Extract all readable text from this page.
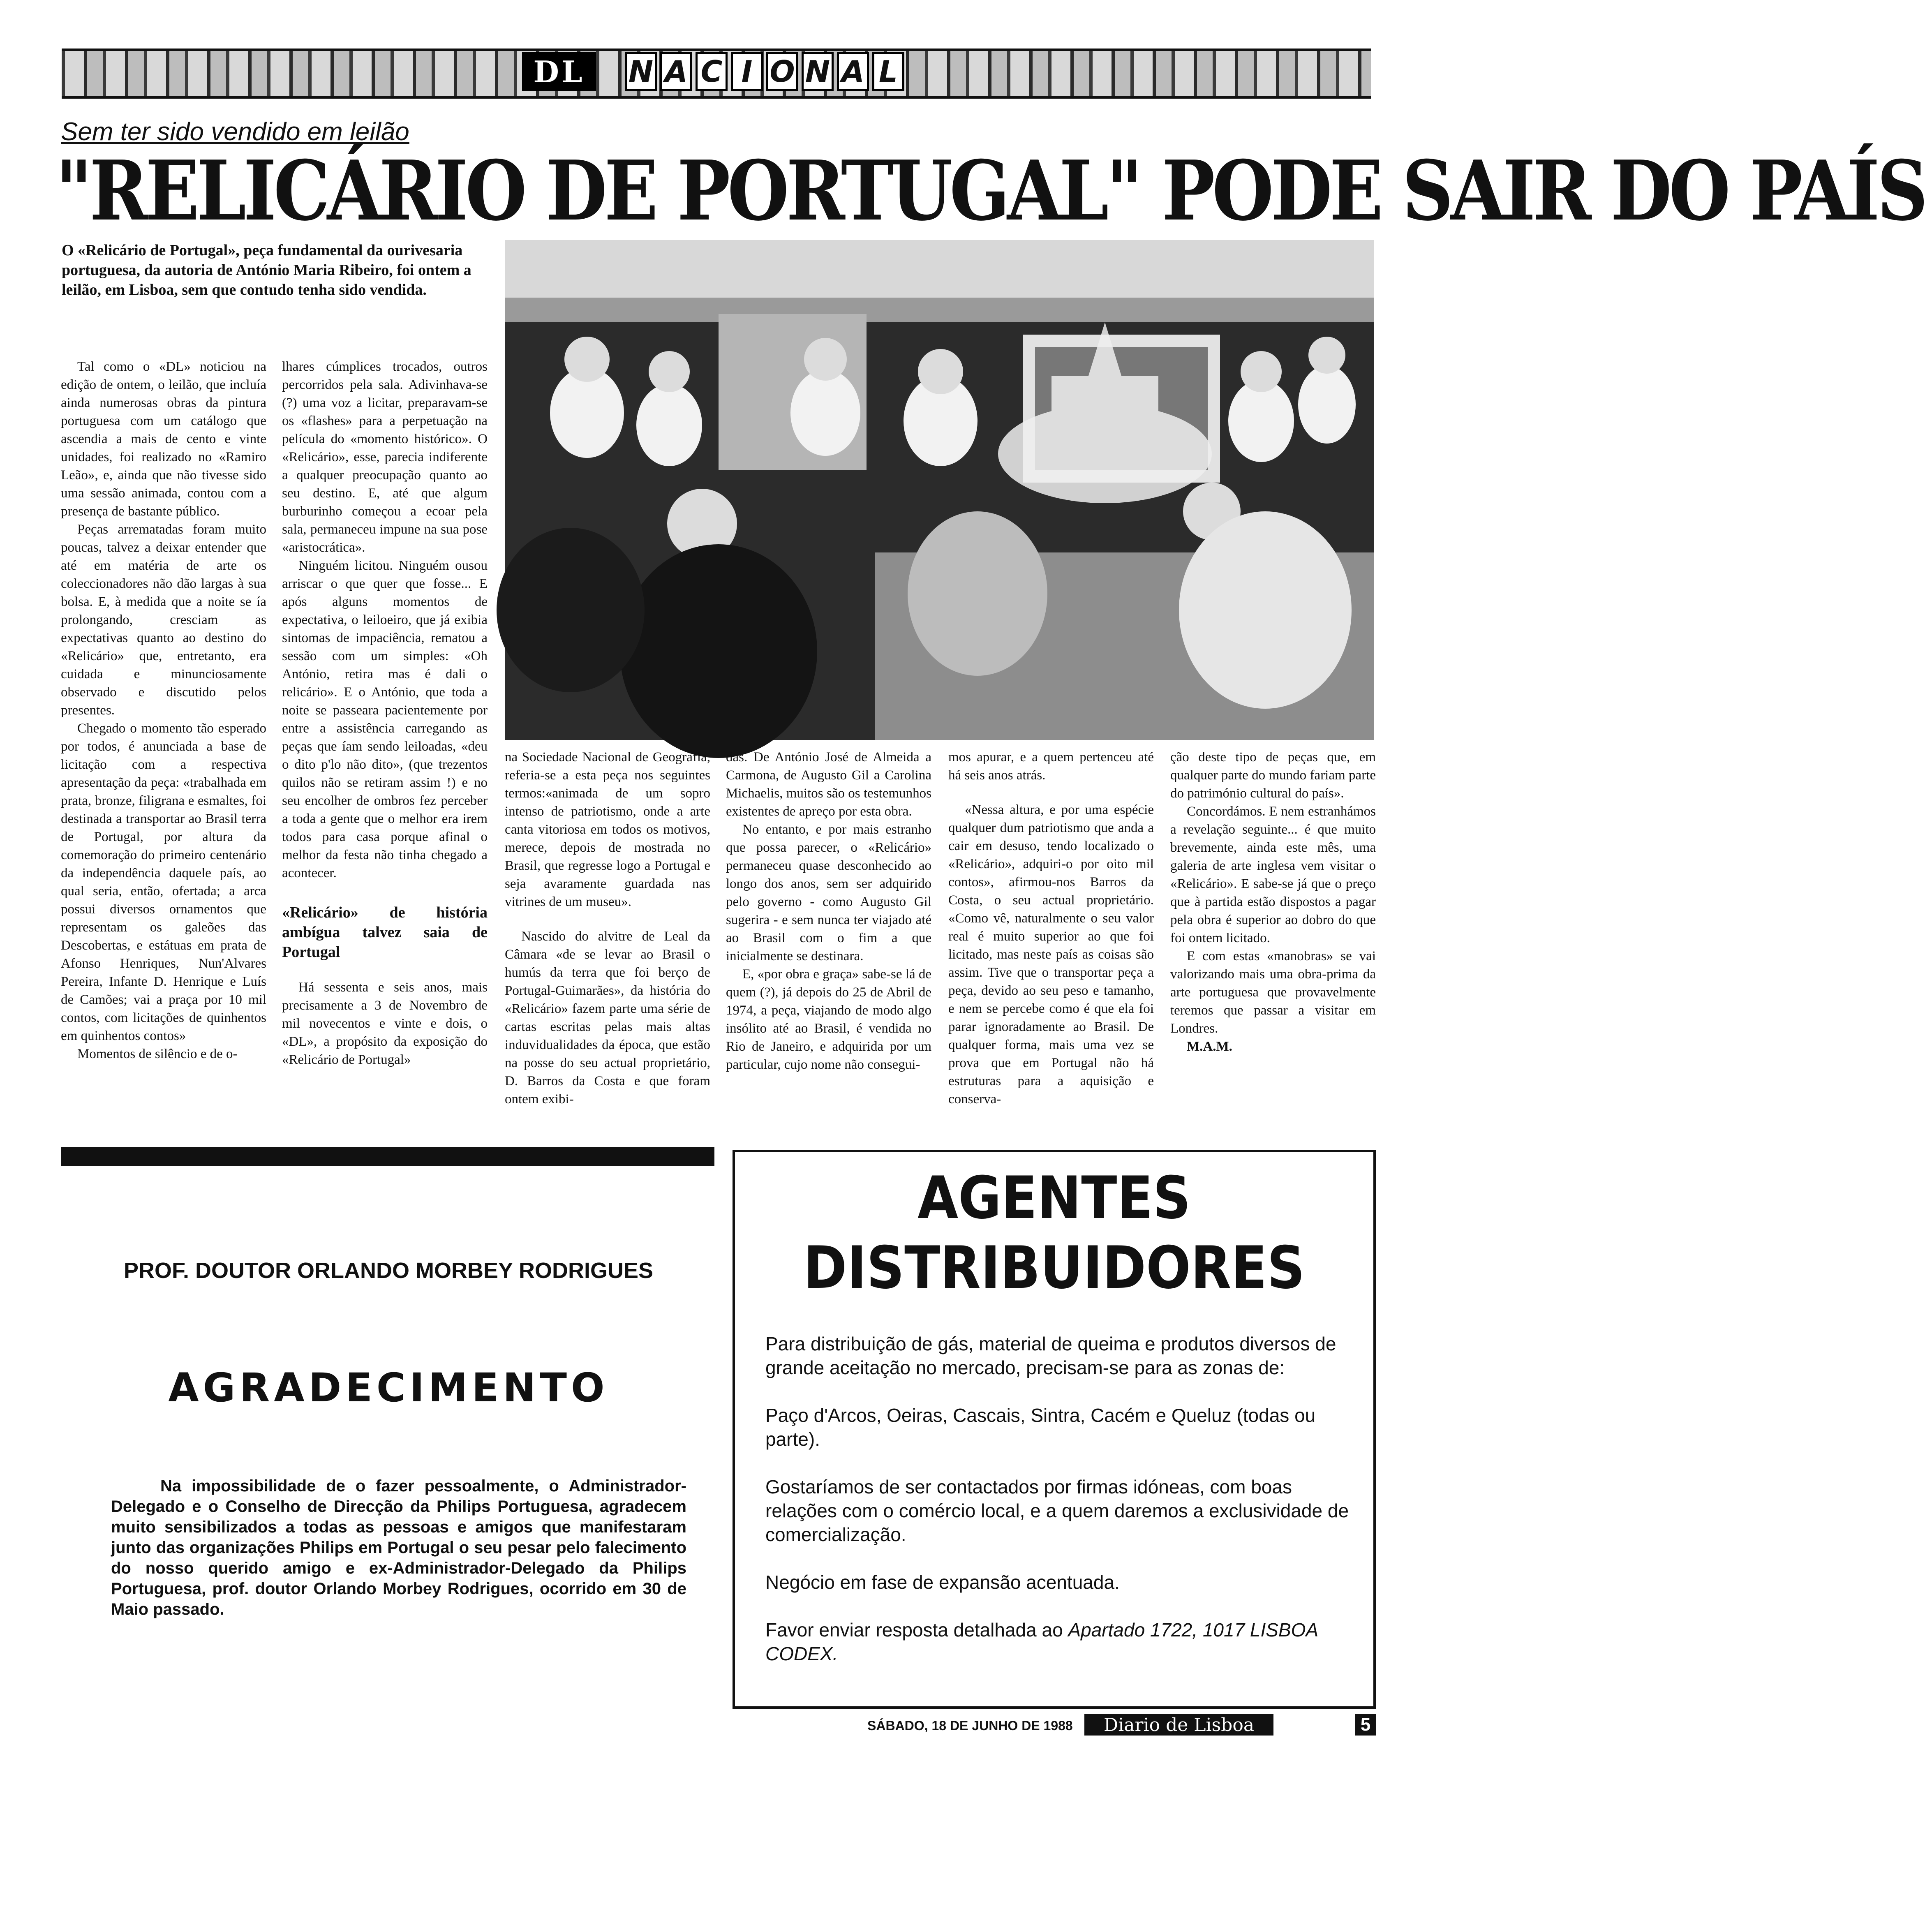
DL	N A C I O N A L
Sem ter sido vendido em leilão
"RELICÁRIO DE PORTUGAL" PODE SAIR DO PAÍS
O «Relicário de Portugal», peça fundamental da ourivesaria portuguesa, da autoria de António Maria Ribeiro, foi ontem a leilão, em Lisboa, sem que contudo tenha sido vendida.

Tal como o «DL» noticiou na edição de ontem, o leilão, que incluía ainda numerosas obras da pintura portuguesa com um catálogo que ascendia a mais de cento e vinte unidades, foi realizado no «Ramiro Leão», e, ainda que não tivesse sido uma sessão animada, contou com a presença de bastante público.

Peças arrematadas foram muito poucas, talvez a deixar entender que até em matéria de arte os coleccionadores não dão largas à sua bolsa. E, à medida que a noite se ía prolongando, cresciam as expectativas quanto ao destino do «Relicário» que, entretanto, era cuidada e minunciosamente observado e discutido pelos presentes.

Chegado o momento tão esperado por todos, é anunciada a base de licitação com a respectiva apresentação da peça: «trabalhada em prata, bronze, filigrana e esmaltes, foi destinada a transportar ao Brasil terra de Portugal, por altura da comemoração do primeiro centenário da independência daquele país, ao qual seria, então, ofertada; a arca possui diversos ornamentos que representam os galeões das Descobertas, e estátuas em prata de Afonso Henriques, Nun'Alvares Pereira, Infante D. Henrique e Luís de Camões; vai a praça por 10 mil contos, com licitações de quinhentos em quinhentos contos»

Momentos de silêncio e de o-

lhares cúmplices trocados, outros percorridos pela sala. Adivinhava-se (?) uma voz a licitar, preparavam-se os «flashes» para a perpetuação na película do «momento histórico». O «Relicário», esse, parecia indiferente a qualquer preocupação quanto ao seu destino. E, até que algum burburinho começou a ecoar pela sala, permaneceu impune na sua pose «aristocrática».

Ninguém licitou. Ninguém ousou arriscar o que quer que fosse... E após alguns momentos de expectativa, o leiloeiro, que já exibia sintomas de impaciência, rematou a sessão com um simples: «Oh António, retira mas é dali o relicário». E o António, que toda a noite se passeara pacientemente por entre a assistência carregando as peças que íam sendo leiloadas, «deu o dito p'lo não dito», (que trezentos quilos não se retiram assim !) e no seu encolher de ombros fez perceber a toda a gente que o melhor era irem todos para casa porque afinal o melhor da festa não tinha chegado a acontecer.

«Relicário» de história ambígua talvez saia de Portugal

Há sessenta e seis anos, mais precisamente a 3 de Novembro de mil novecentos e vinte e dois, o «DL», a propósito da exposição do «Relicário de Portugal»

na Sociedade Nacional de Geografia, referia-se a esta peça nos seguintes termos:«animada de um sopro intenso de patriotismo, onde a arte canta vitoriosa em todos os motivos, merece, depois de mostrada no Brasil, que regresse logo a Portugal e seja avaramente guardada nas vitrines de um museu».

Nascido do alvitre de Leal da Câmara «de se levar ao Brasil o humús da terra que foi berço de Portugal-Guimarães», da história do «Relicário» fazem parte uma série de cartas escritas pelas mais altas induvidualidades da época, que estão na posse do seu actual proprietário, D. Barros da Costa e que foram ontem exibi-

das. De António José de Almeida a Carmona, de Augusto Gil a Carolina Michaelis, muitos são os testemunhos existentes de apreço por esta obra.

No entanto, e por mais estranho que possa parecer, o «Relicário» permaneceu quase desconhecido ao longo dos anos, sem ser adquirido pelo governo - como Augusto Gil sugerira - e sem nunca ter viajado até ao Brasil com o fim a que inicialmente se destinara.

E, «por obra e graça» sabe-se lá de quem (?), já depois do 25 de Abril de 1974, a peça, viajando de modo algo insólito até ao Brasil, é vendida no Rio de Janeiro, e adquirida por um particular, cujo nome não consegui-

mos apurar, e a quem pertenceu até há seis anos atrás.

«Nessa altura, e por uma espécie qualquer dum patriotismo que anda a cair em desuso, tendo localizado o «Relicário», adquiri-o por oito mil contos», afirmou-nos Barros da Costa, o seu actual proprietário. «Como vê, naturalmente o seu valor real é muito superior ao que foi licitado, mas neste país as coisas são assim. Tive que o transportar peça a peça, devido ao seu peso e tamanho, e nem se percebe como é que ela foi parar ignoradamente ao Brasil. De qualquer forma, mais uma vez se prova que em Portugal não há estruturas para a aquisição e conserva-

ção deste tipo de peças que, em qualquer parte do mundo fariam parte do património cultural do país».

Concordámos. E nem estranhámos a revelação seguinte... é que muito brevemente, ainda este mês, uma galeria de arte inglesa vem visitar o «Relicário». E sabe-se já que o preço que à partida estão dispostos a pagar pela obra é superior ao dobro do que foi ontem licitado.

E com estas «manobras» se vai valorizando mais uma obra-prima da arte portuguesa que provavelmente teremos que passar a visitar em Londres.

M.A.M.

PROF. DOUTOR ORLANDO MORBEY RODRIGUES
AGRADECIMENTO
Na impossibilidade de o fazer pessoalmente, o Administrador-Delegado e o Conselho de Direcção da Philips Portuguesa, agradecem muito sensibilizados a todas as pessoas e amigos que manifestaram junto das organizações Philips em Portugal o seu pesar pelo falecimento do nosso querido amigo e ex-Administrador-Delegado da Philips Portuguesa, prof. doutor Orlando Morbey Rodrigues, ocorrido em 30 de Maio passado.
AGENTES
DISTRIBUIDORES

Para distribuição de gás, material de queima e produtos diversos de grande aceitação no mercado, precisam-se para as zonas de:

Paço d'Arcos, Oeiras, Cascais, Sintra, Cacém e Queluz (todas ou parte).

Gostaríamos de ser contactados por firmas idóneas, com boas relações com o comércio local, e a quem daremos a exclusividade de comercialização.

Negócio em fase de expansão acentuada.

Favor enviar resposta detalhada ao Apartado 1722, 1017 LISBOA CODEX.

SÁBADO, 18 DE JUNHO DE 1988	Diario de Lisboa	5
